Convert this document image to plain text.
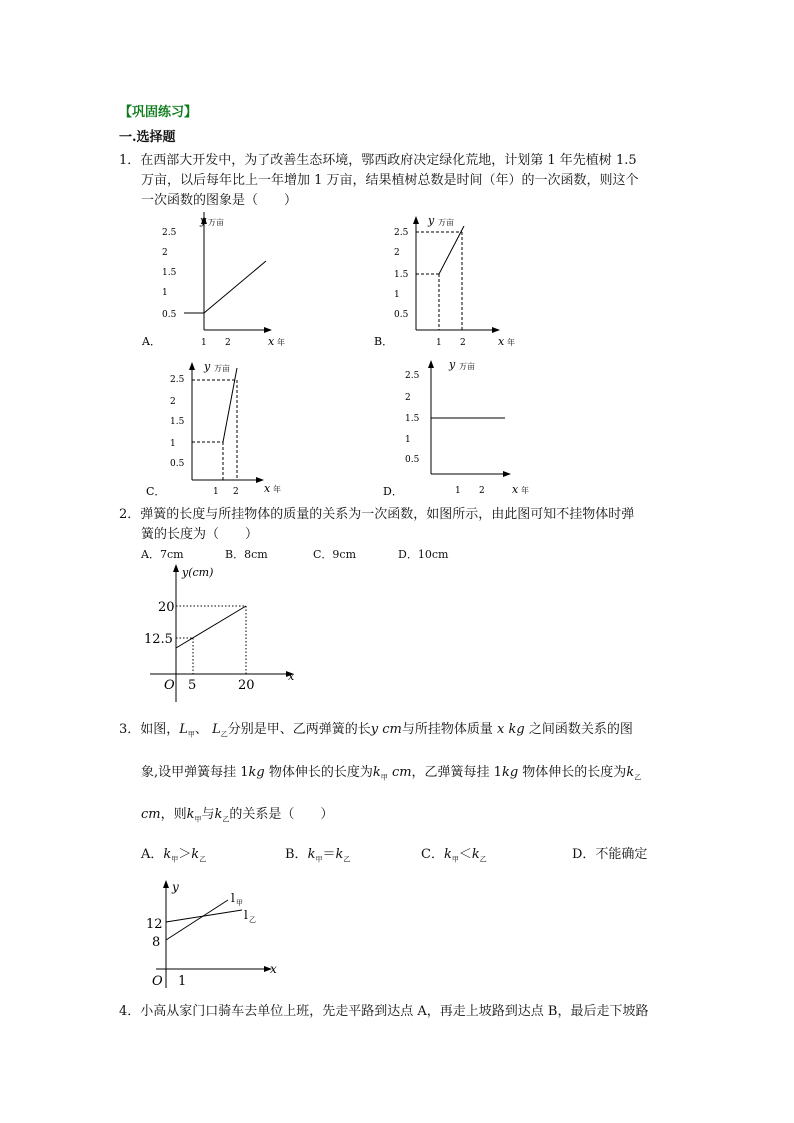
【巩固练习】
一.选择题
1．在西部大开发中，为了改善生态环境，鄂西政府决定绿化荒地，计划第 1 年先植树 1.5
万亩，以后每年比上一年增加 1 万亩，结果植树总数是时间（年）的一次函数，则这个
一次函数的图象是（　　）
A．
y 万亩
x 年
2.5
2
1.5
1
0.5
1 2	B．
y 万亩
x 年
2.5
2
1.5
1
0.5
1 2
C．
y 万亩
x 年
2.5
2
1.5
1
0.5
1 2	D．
y 万亩
x 年
2.5
2
1.5
1
0.5
1 2
2．弹簧的长度与所挂物体的质量的关系为一次函数，如图所示，由此图可知不挂物体时弹
簧的长度为（　　）
A．7cm	B．8cm	C．9cm	D．10cm
y(cm)
x
O
20
12.5
5	20
3．如图，$L_甲$、 $L_乙$分别是甲、乙两弹簧的长y cm与所挂物体质量 x kg 之间函数关系的图
象,设甲弹簧每挂 1kg 物体伸长的长度为$k_甲$ cm，乙弹簧每挂 1kg 物体伸长的长度为$k_乙$
cm，则$k_甲$与$k_乙$的关系是（　　）
A．$k_甲>k_乙$	B．$k_甲=k_乙$	C．$k_甲<k_乙$	D．不能确定
y
x
O 1
12
8
l 甲
l 乙
4．小高从家门口骑车去单位上班，先走平路到达点 A，再走上坡路到达点 B，最后走下坡路
